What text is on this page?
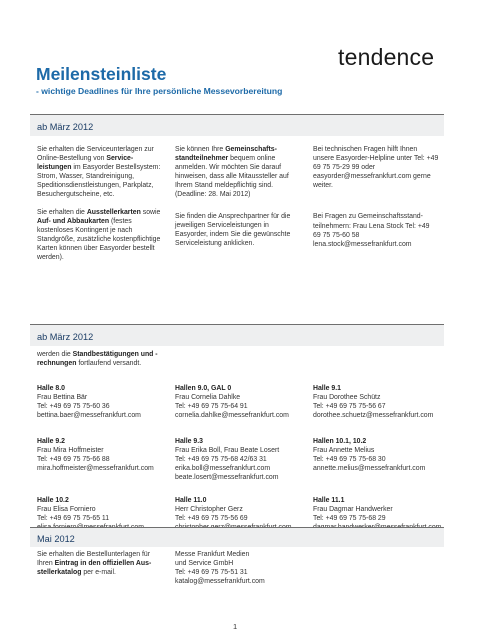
tendence
Meilensteinliste
- wichtige Deadlines für Ihre persönliche Messevorbereitung
ab März 2012

Sie erhalten die Serviceunterlagen zur Online-Bestellung von Serviceleistungen im Easyorder Bestellsystem: Strom, Wasser, Standreinigung, Speditionsdienstleistungen, Parkplatz, Besuchergutscheine, etc.

Sie erhalten die Ausstellerkarten sowie Auf- und Abbaukarten (festes kostenloses Kontingent je nach Standgröße, zusätzliche kostenpflichtige Karten können über Easyorder bestellt werden).

Sie können Ihre Gemeinschaftsstandteilnehmer bequem online anmelden. Wir möchten Sie darauf hinweisen, dass alle Mitaussteller auf Ihrem Stand meldepflichtig sind. (Deadline: 28. Mai 2012)

Sie finden die Ansprechpartner für die jeweiligen Serviceleistungen in Easyorder, indem Sie die gewünschte Serviceleistung anklicken.

Bei technischen Fragen hilft Ihnen unsere Easyorder-Helpline unter Tel: +49 69 75 75-29 99 oder easyorder@messefrankfurt.com gerne weiter.

Bei Fragen zu Gemeinschaftsstandteilnehmern: Frau Lena Stock Tel: +49 69 75 75-60 58 lena.stock@messefrankfurt.com

ab März 2012

werden die Standbestätigungen und -rechnungen fortlaufend versandt.

Halle 8.0
Frau Bettina Bär
Tel: +49 69 75 75-60 36
bettina.baer@messefrankfurt.com
Hallen 9.0, GAL 0
Frau Cornelia Dahlke
Tel: +49 69 75 75-64 91
cornelia.dahlke@messefrankfurt.com
Halle 9.1
Frau Dorothee Schütz
Tel: +49 69 75 75-56 67
dorothee.schuetz@messefrankfurt.com
Halle 9.2
Frau Mira Hoffmeister
Tel: +49 69 75 75-66 88
mira.hoffmeister@messefrankfurt.com
Halle 9.3
Frau Erika Boll, Frau Beate Losert
Tel: +49 69 75 75-68 42/63 31
erika.boll@messefrankfurt.com
beate.losert@messefrankfurt.com
Hallen 10.1, 10.2
Frau Annette Melius
Tel: +49 69 75 75-68 30
annette.melius@messefrankfurt.com
Halle 10.2
Frau Elisa Forniero
Tel: +49 69 75 75-65 11
Halle 11.0
Herr Christopher Gerz
Tel: +49 69 75 75-56 69
Halle 11.1
Frau Dagmar Handwerker
Tel: +49 69 75 75-68 29
Mai 2012

Sie erhalten die Bestellunterlagen für Ihren Eintrag in den offiziellen Ausstellerkatalog per e-mail.

Messe Frankfurt Medien
und Service GmbH
Tel: +49 69 75 75-51 31
katalog@messefrankfurt.com
1
